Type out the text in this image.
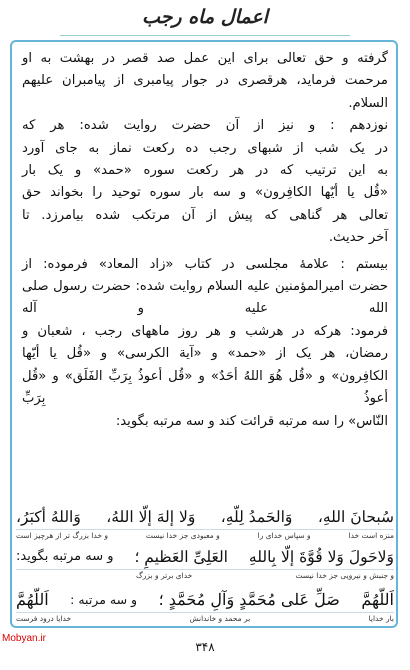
اعمال ماه رجب

گرفته و حق تعالی برای این عمل صد قصر در بهشت به او
مرحمت فرماید، هرقصری در جوار پیامبری از پیامبران علیهم السلام.

نوزدهم : و نیز از آن حضرت روایت شده: هر که
در یک شب از شبهای رجب ده رکعت نماز به جای آورد
به این ترتیب که در هر رکعت سوره «حمد» و یک بار
«قُل یا أیّها الکافِرون» و سه بار سوره توحید را بخواند حق
تعالی هر گناهی که پیش از آن مرتکب شده بیامرزد. تا
آخر حدیث.

بیستم : علامۀ مجلسی در کتاب «زاد المعاد» فرموده: از
حضرت امیرالمؤمنین علیه السلام روایت شده: حضرت رسول صلی الله علیه و آله
فرمود: هرکه در هرشب و هر روز ماههای رجب ، شعبان و
رمضان، هر یک از «حمد» و «آیة الکرسی» و «قُل یا أیّها
الکافِرون» و «قُل هُوَ اللهُ أحَدٌ» و «قُل أعوذُ بِرَبِّ الفَلَق» و «قُل أعوذُ بِرَبِّ
النّاس» را سه مرتبه قرائت کند و سه مرتبه بگوید:

سُبحانَ اللهِ،
وَالحَمدُ لِلّهِ،
وَلا إلهَ إلّا اللهُ،
وَاللهُ أكبَرُ،
منزه است خدا
و سپاس خدای را
و معبودی جز خدا نیست
و خدا بزرگ تر از هرچیز است
وَلاحَولَ وَلا قُوَّةَ إلّا بِاللهِ
العَلِیِّ العَظیمِ ؛
و سه مرتبه بگوید:
و جنبش و نیرویی جز خدا نیست
خدای برتر و بزرگ
اَللّهُمَّ
صَلِّ عَلی مُحَمَّدٍ وَآلِ مُحَمَّدٍ ؛
و سه مرتبه :
اَللّهُمَّ
بار خدایا
بر محمد و خاندانش
خدایا درود فرست
Mobyan.ir
۳۴۸
